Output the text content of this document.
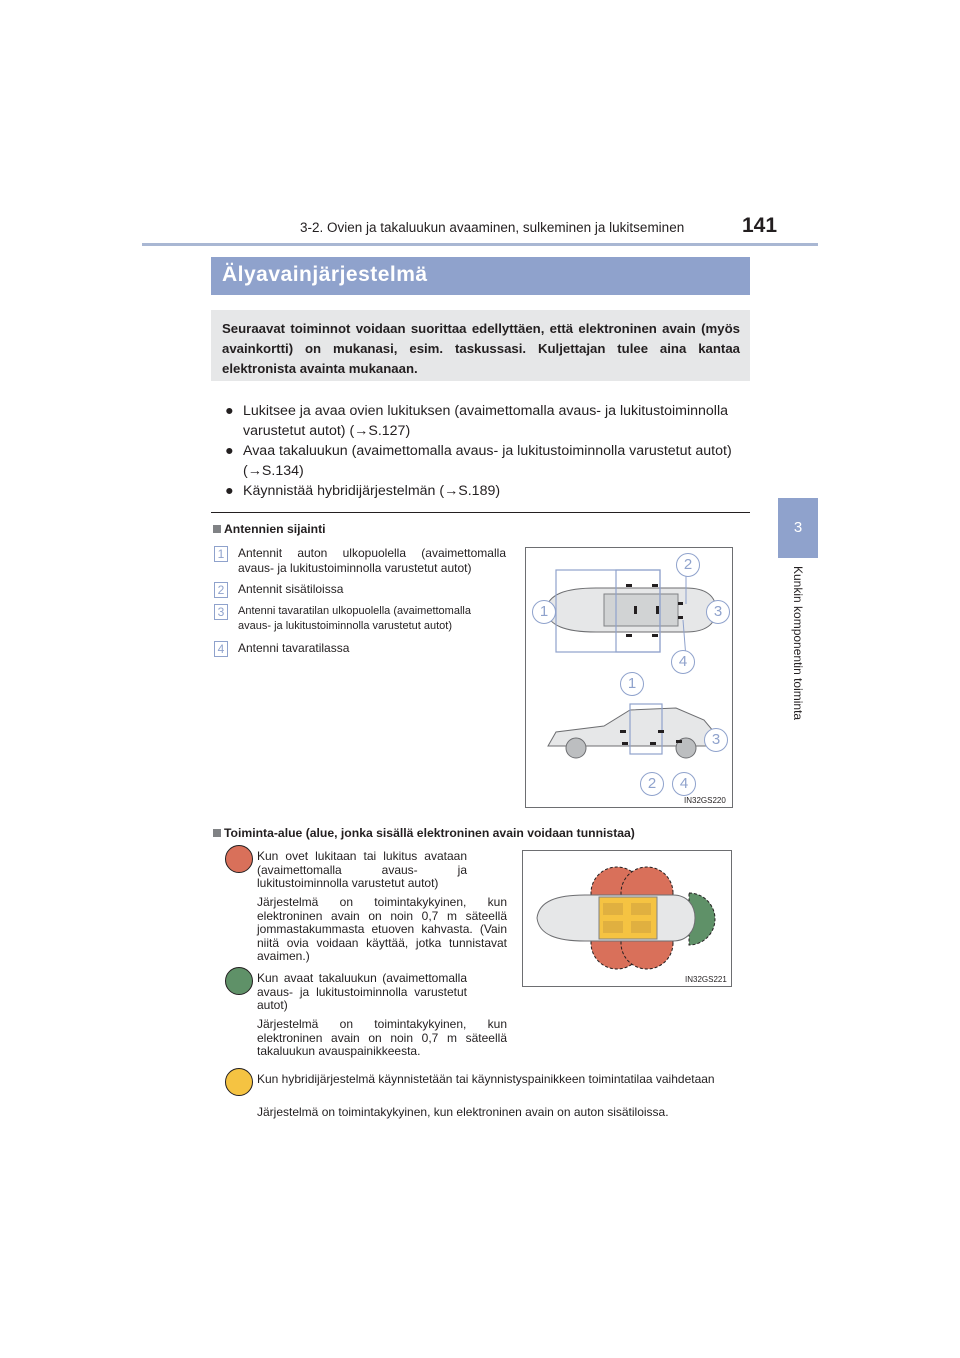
3-2. Ovien ja takaluukun avaaminen, sulkeminen ja lukitseminen	141
3
Kunkin komponentin toiminta
Älyavainjärjestelmä

Seuraavat toiminnot voidaan suorittaa edellyttäen, että elektroninen avain (myös avainkortti) on mukanasi, esim. taskussasi. Kuljettajan tulee aina kantaa elektronista avainta mukanaan.

● Lukitsee ja avaa ovien lukituksen (avaimettomalla avaus- ja lukitustoiminnolla varustetut autot) (→S.127)
● Avaa takaluukun (avaimettomalla avaus- ja lukitustoiminnolla varustetut autot) (→S.134)
● Käynnistää hybridijärjestelmän (→S.189)
Antennien sijainti
1	Antennit auton ulkopuolella (avaimettomalla avaus- ja lukitustoiminnolla varustetut autot)
2	Antennit sisätiloissa
3	Antenni tavaratilan ulkopuolella (avaimettomalla avaus- ja lukitustoiminnolla varustetut autot)
4	Antenni tavaratilassa
2
1	3
4
1
3
2	4
IN32GS220
Toiminta-alue (alue, jonka sisällä elektroninen avain voidaan tunnistaa)
Kun ovet lukitaan tai lukitus avataan (avaimettomalla avaus- ja lukitustoiminnolla varustetut autot)
Järjestelmä on toimintakykyinen, kun elektroninen avain on noin 0,7 m säteellä jommastakummasta etuoven kahvasta. (Vain niitä ovia voidaan käyttää, jotka tunnistavat avaimen.)
Kun avaat takaluukun (avaimettomalla avaus- ja lukitustoiminnolla varustetut autot)
Järjestelmä on toimintakykyinen, kun elektroninen avain on noin 0,7 m säteellä takaluukun avauspainikkeesta.
Kun hybridijärjestelmä käynnistetään tai käynnistyspainikkeen toimintatilaa vaihdetaan
Järjestelmä on toimintakykyinen, kun elektroninen avain on auton sisätiloissa.
IN32GS221
